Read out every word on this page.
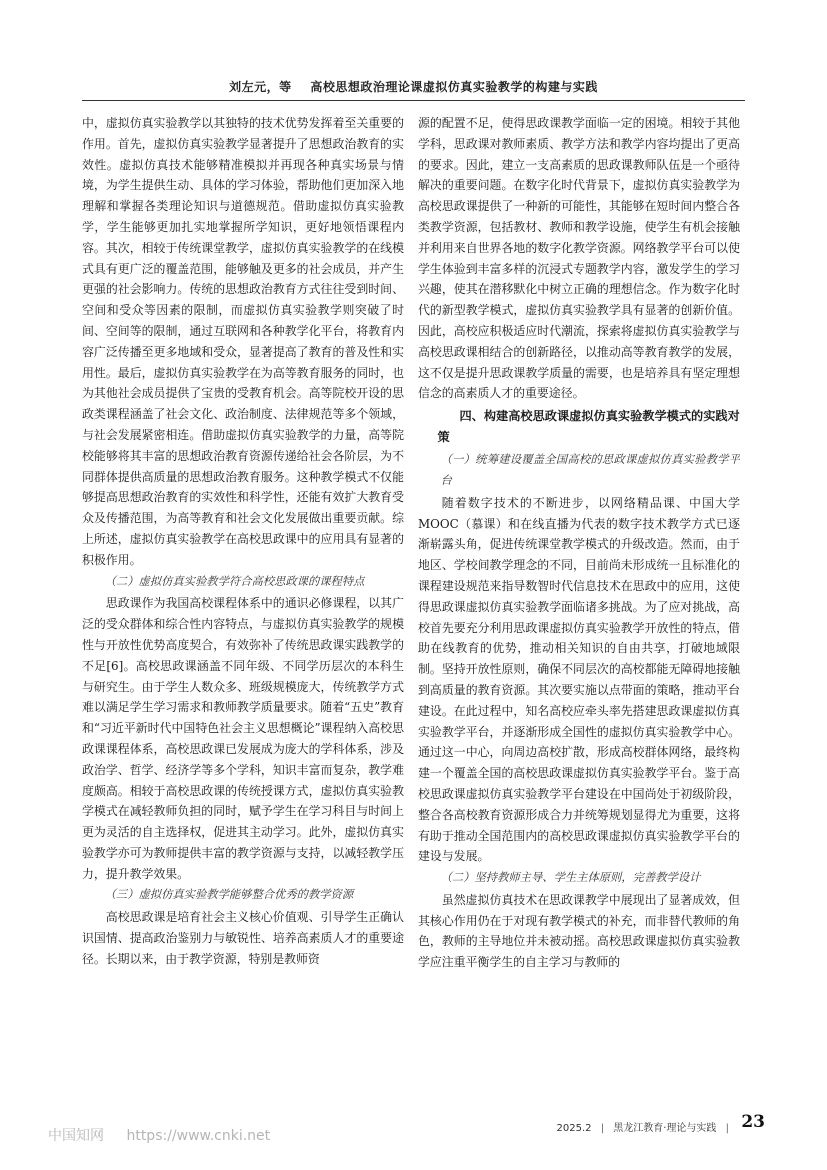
刘左元，等 高校思想政治理论课虚拟仿真实验教学的构建与实践

中，虚拟仿真实验教学以其独特的技术优势发挥着至关重要的作用。首先，虚拟仿真实验教学显著提升了思想政治教育的实效性。虚拟仿真技术能够精准模拟并再现各种真实场景与情境，为学生提供生动、具体的学习体验，帮助他们更加深入地理解和掌握各类理论知识与道德规范。借助虚拟仿真实验教学，学生能够更加扎实地掌握所学知识，更好地领悟课程内容。其次，相较于传统课堂教学，虚拟仿真实验教学的在线模式具有更广泛的覆盖范围，能够触及更多的社会成员，并产生更强的社会影响力。传统的思想政治教育方式往往受到时间、空间和受众等因素的限制，而虚拟仿真实验教学则突破了时间、空间等的限制，通过互联网和各种教学化平台，将教育内容广泛传播至更多地域和受众，显著提高了教育的普及性和实用性。最后，虚拟仿真实验教学在为高等教育服务的同时，也为其他社会成员提供了宝贵的受教育机会。高等院校开设的思政类课程涵盖了社会文化、政治制度、法律规范等多个领域，与社会发展紧密相连。借助虚拟仿真实验教学的力量，高等院校能够将其丰富的思想政治教育资源传递给社会各阶层，为不同群体提供高质量的思想政治教育服务。这种教学模式不仅能够提高思想政治教育的实效性和科学性，还能有效扩大教育受众及传播范围，为高等教育和社会文化发展做出重要贡献。综上所述，虚拟仿真实验教学在高校思政课中的应用具有显著的积极作用。

（二）虚拟仿真实验教学符合高校思政课的课程特点

思政课作为我国高校课程体系中的通识必修课程，以其广泛的受众群体和综合性内容特点，与虚拟仿真实验教学的规模性与开放性优势高度契合，有效弥补了传统思政课实践教学的不足[6]。高校思政课涵盖不同年级、不同学历层次的本科生与研究生。由于学生人数众多、班级规模庞大，传统教学方式难以满足学生学习需求和教师教学质量要求。随着“五史”教育和“习近平新时代中国特色社会主义思想概论”课程纳入高校思政课课程体系，高校思政课已发展成为庞大的学科体系，涉及政治学、哲学、经济学等多个学科，知识丰富而复杂，教学难度颇高。相较于高校思政课的传统授课方式，虚拟仿真实验教学模式在减轻教师负担的同时，赋予学生在学习科目与时间上更为灵活的自主选择权，促进其主动学习。此外，虚拟仿真实验教学亦可为教师提供丰富的教学资源与支持，以减轻教学压力，提升教学效果。

（三）虚拟仿真实验教学能够整合优秀的教学资源

高校思政课是培育社会主义核心价值观、引导学生正确认识国情、提高政治鉴别力与敏锐性、培养高素质人才的重要途径。长期以来，由于教学资源，特别是教师资

源的配置不足，使得思政课教学面临一定的困境。相较于其他学科，思政课对教师素质、教学方法和教学内容均提出了更高的要求。因此，建立一支高素质的思政课教师队伍是一个亟待解决的重要问题。在数字化时代背景下，虚拟仿真实验教学为高校思政课提供了一种新的可能性，其能够在短时间内整合各类教学资源，包括教材、教师和教学设施，使学生有机会接触并利用来自世界各地的数字化教学资源。网络教学平台可以使学生体验到丰富多样的沉浸式专题教学内容，激发学生的学习兴趣，使其在潜移默化中树立正确的理想信念。作为数字化时代的新型教学模式，虚拟仿真实验教学具有显著的创新价值。因此，高校应积极适应时代潮流，探索将虚拟仿真实验教学与高校思政课相结合的创新路径，以推动高等教育教学的发展，这不仅是提升思政课教学质量的需要，也是培养具有坚定理想信念的高素质人才的重要途径。

四、构建高校思政课虚拟仿真实验教学模式的实践对策
（一）统筹建设覆盖全国高校的思政课虚拟仿真实验教学平台

随着数字技术的不断进步，以网络精品课、中国大学MOOC（慕课）和在线直播为代表的数字技术教学方式已逐渐崭露头角，促进传统课堂教学模式的升级改造。然而，由于地区、学校间教学理念的不同，目前尚未形成统一且标准化的课程建设规范来指导数智时代信息技术在思政中的应用，这使得思政课虚拟仿真实验教学面临诸多挑战。为了应对挑战，高校首先要充分利用思政课虚拟仿真实验教学开放性的特点，借助在线教育的优势，推动相关知识的自由共享，打破地域限制。坚持开放性原则，确保不同层次的高校都能无障碍地接触到高质量的教育资源。其次要实施以点带面的策略，推动平台建设。在此过程中，知名高校应牵头率先搭建思政课虚拟仿真实验教学平台，并逐渐形成全国性的虚拟仿真实验教学中心。通过这一中心，向周边高校扩散，形成高校群体网络，最终构建一个覆盖全国的高校思政课虚拟仿真实验教学平台。鉴于高校思政课虚拟仿真实验教学平台建设在中国尚处于初级阶段，整合各高校教育资源形成合力并统筹规划显得尤为重要，这将有助于推动全国范围内的高校思政课虚拟仿真实验教学平台的建设与发展。

（二）坚持教师主导、学生主体原则，完善教学设计

虽然虚拟仿真技术在思政课教学中展现出了显著成效，但其核心作用仍在于对现有教学模式的补充，而非替代教师的角色，教师的主导地位并未被动摇。高校思政课虚拟仿真实验教学应注重平衡学生的自主学习与教师的

中国知网 https://www.cnki.net	2025.2 | 黑龙江教育·理论与实践 | 23
